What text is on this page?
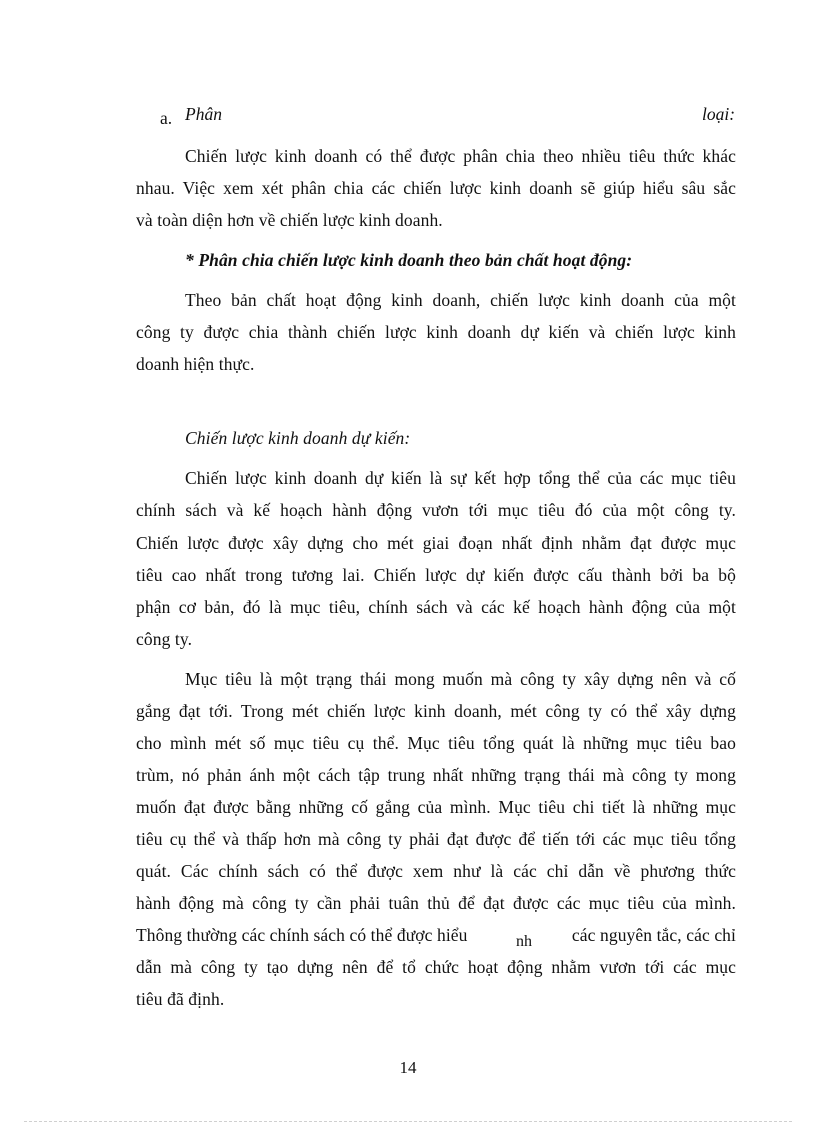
a. Phân	loại:
Chiến lược kinh doanh có thể được phân chia theo nhiều tiêu thức khác
nhau. Việc xem xét phân chia các chiến lược kinh doanh sẽ giúp hiểu sâu sắc
và toàn diện hơn về chiến lược kinh doanh.
* Phân chia chiến lược kinh doanh theo bản chất hoạt động:
Theo bản chất hoạt động kinh doanh, chiến lược kinh doanh của một
công ty được chia thành chiến lược kinh doanh dự kiến và chiến lược kinh
doanh hiện thực.
Chiến lược kinh doanh dự kiến:
Chiến lược kinh doanh dự kiến là sự kết hợp tổng thể của các mục tiêu
chính sách và kế hoạch hành động vươn tới mục tiêu đó của một công ty.
Chiến lược được xây dựng cho mét giai đoạn nhất định nhằm đạt được mục
tiêu cao nhất trong tương lai. Chiến lược dự kiến được cấu thành bởi ba bộ
phận cơ bản, đó là mục tiêu, chính sách và các kế hoạch hành động của một
công ty.
Mục tiêu là một trạng thái mong muốn mà công ty xây dựng nên và cố
gắng đạt tới. Trong mét chiến lược kinh doanh, mét công ty có thể xây dựng
cho mình mét số mục tiêu cụ thể. Mục tiêu tổng quát là những mục tiêu bao
trùm, nó phản ánh một cách tập trung nhất những trạng thái mà công ty mong
muốn đạt được bằng những cố gắng của mình. Mục tiêu chi tiết là những mục
tiêu cụ thể và thấp hơn mà công ty phải đạt được để tiến tới các mục tiêu tổng
quát. Các chính sách có thể được xem như là các chỉ dẫn về phương thức
hành động mà công ty cần phải tuân thủ để đạt được các mục tiêu của mình.
Thông thường các chính sách có thể được hiểu	nh	các nguyên tắc, các chỉ
dẫn mà công ty tạo dựng nên để tổ chức hoạt động nhằm vươn tới các mục
tiêu đã định.
14
